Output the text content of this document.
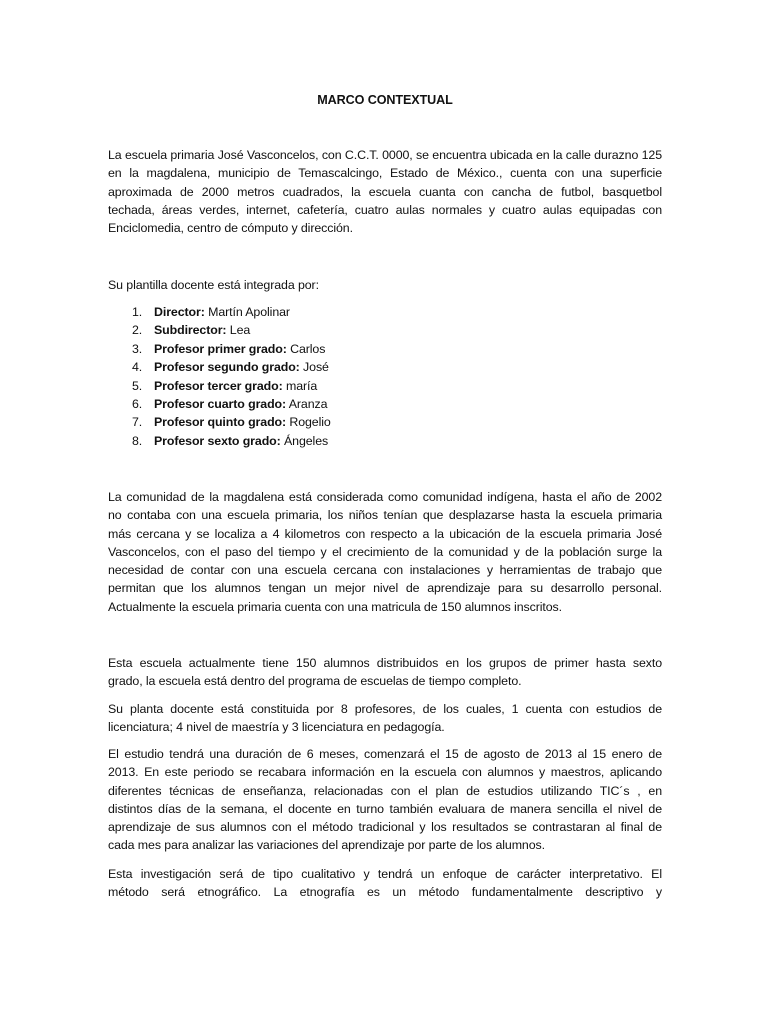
MARCO CONTEXTUAL

La escuela primaria José Vasconcelos, con C.C.T. 0000, se encuentra ubicada en la calle durazno 125
en la magdalena, municipio de Temascalcingo, Estado de México., cuenta con una superficie
aproximada de 2000 metros cuadrados, la escuela cuanta con cancha de futbol, basquetbol
techada, áreas verdes, internet, cafetería, cuatro aulas normales y cuatro aulas equipadas con
Enciclomedia, centro de cómputo y dirección.

Su plantilla docente está integrada por:

1. Director: Martín Apolinar
2. Subdirector: Lea
3. Profesor primer grado: Carlos
4. Profesor segundo grado: José
5. Profesor tercer grado: maría
6. Profesor cuarto grado: Aranza
7. Profesor quinto grado: Rogelio
8. Profesor sexto grado: Ángeles

La comunidad de la magdalena está considerada como comunidad indígena, hasta el año de 2002
no contaba con una escuela primaria, los niños tenían que desplazarse hasta la escuela primaria
más cercana y se localiza a 4 kilometros con respecto a la ubicación de la escuela primaria José
Vasconcelos, con el paso del tiempo y el crecimiento de la comunidad y de la población surge la
necesidad de contar con una escuela cercana con instalaciones y herramientas de trabajo que
permitan que los alumnos tengan un mejor nivel de aprendizaje para su desarrollo personal.
Actualmente la escuela primaria cuenta con una matricula de 150 alumnos inscritos.

Esta escuela actualmente tiene 150 alumnos distribuidos en los grupos de primer hasta sexto
grado, la escuela está dentro del programa de escuelas de tiempo completo.

Su planta docente está constituida por 8 profesores, de los cuales, 1 cuenta con estudios de
licenciatura; 4 nivel de maestría y 3 licenciatura en pedagogía.

El estudio tendrá una duración de 6 meses, comenzará el 15 de agosto de 2013 al 15 enero de
2013. En este periodo se recabara información en la escuela con alumnos y maestros, aplicando
diferentes técnicas de enseñanza, relacionadas con el plan de estudios utilizando TIC´s , en
distintos días de la semana, el docente en turno también evaluara de manera sencilla el nivel de
aprendizaje de sus alumnos con el método tradicional y los resultados se contrastaran al final de
cada mes para analizar las variaciones del aprendizaje por parte de los alumnos.

Esta investigación será de tipo cualitativo y tendrá un enfoque de carácter interpretativo. El
método será etnográfico. La etnografía es un método fundamentalmente descriptivo y
